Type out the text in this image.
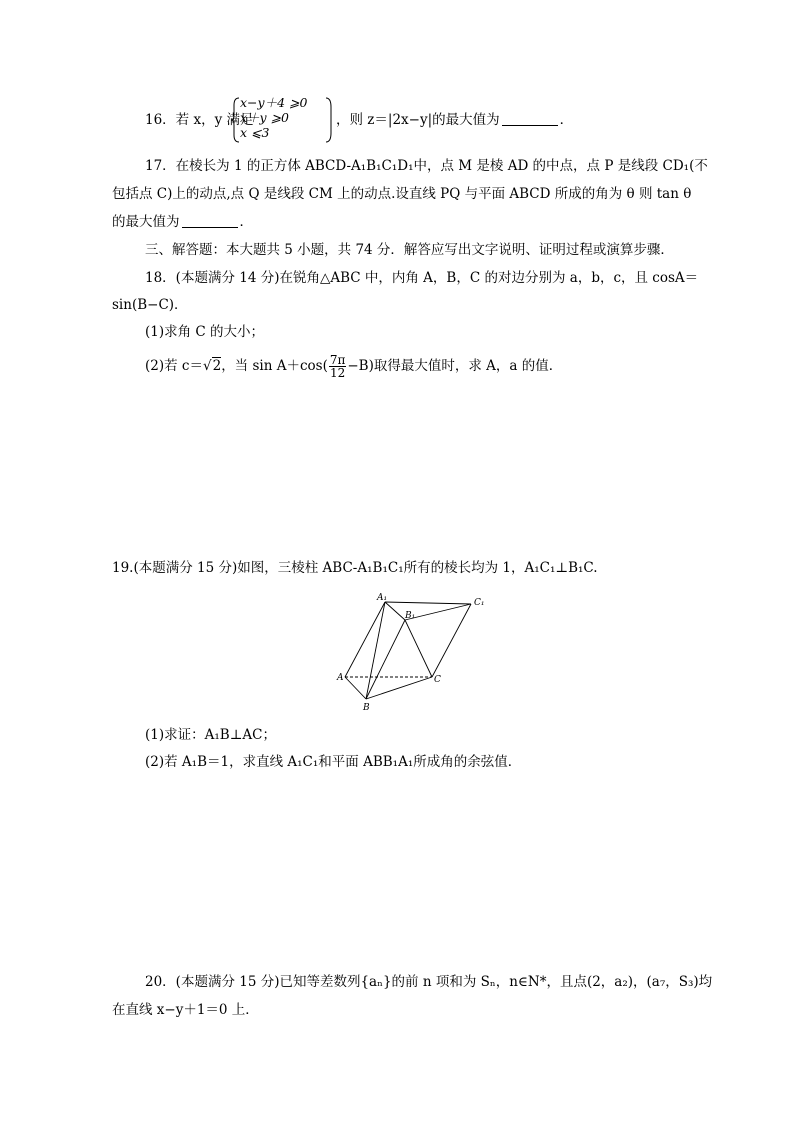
16．若 x，y 满足
x−y＋4 ⩾0
x＋y ⩾0
x ⩽3
，则 z＝|2x−y|的最大值为	．
17．在棱长为 1 的正方体 ABCD-A₁B₁C₁D₁中，点 M 是棱 AD 的中点，点 P 是线段 CD₁(不
包括点 C)上的动点,点 Q 是线段 CM 上的动点.设直线 PQ 与平面 ABCD 所成的角为 θ 则 tan θ
的最大值为	．
三、解答题：本大题共 5 小题，共 74 分．解答应写出文字说明、证明过程或演算步骤．
18．(本题满分 14 分)在锐角△ABC 中，内角 A，B，C 的对边分别为 a，b，c，且 cosA＝
sin(B−C)．
(1)求角 C 的大小；
(2)若 c＝√2，当 $\sin A+\cos( \frac{7\pi}{12} -B)$取得最大值时，求 A，a 的值．
19.(本题满分 15 分)如图，三棱柱 ABC-A₁B₁C₁所有的棱长均为 1，A₁C₁⊥B₁C.
A₁	C₁
B₁
A	C
B
(1)求证：A₁B⊥AC；
(2)若 A₁B＝1，求直线 A₁C₁和平面 ABB₁A₁所成角的余弦值．
20．(本题满分 15 分)已知等差数列{aₙ}的前 n 项和为 Sₙ，n∈N*，且点(2，a₂)，(a₇，S₃)均
在直线 x−y＋1＝0 上．
